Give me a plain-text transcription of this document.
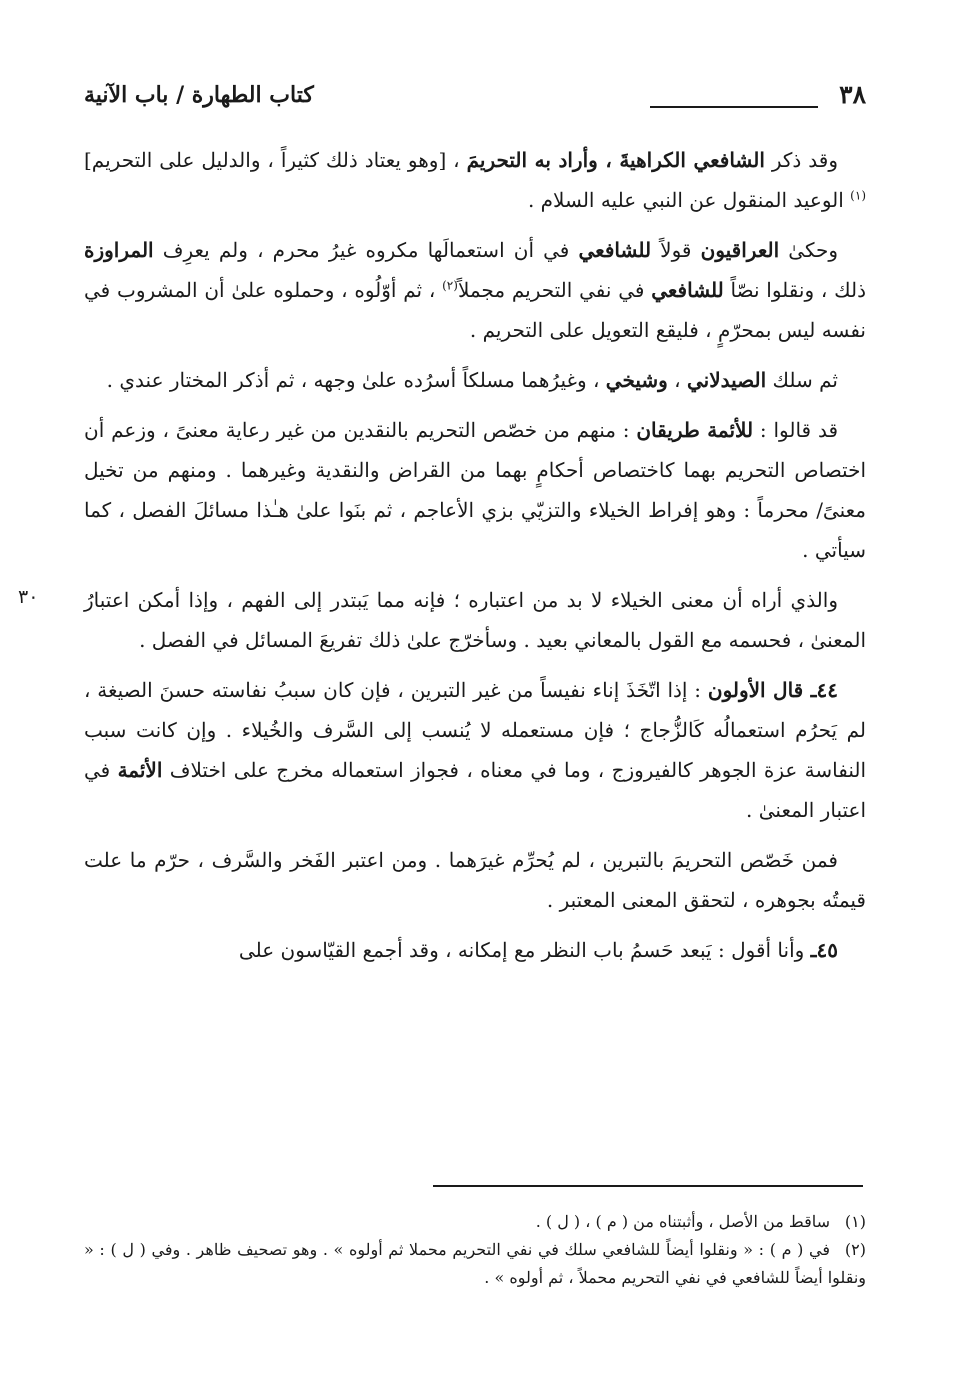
٣٨
كتاب الطهارة / باب الآنية

وقد ذكر الشافعي الكراهيةَ ، وأراد به التحريمَ ، [وهو يعتاد ذلك كثيراً ، والدليل على التحريم]$^{(١)}$ الوعيد المنقول عن النبي عليه السلام .

وحكىٰ العراقيون قولاً للشافعي في أن استعمالَها مكروه غيرُ محرم ، ولم يعرِف المراوزة ذلك ، ونقلوا نصّاً للشافعي في نفي التحريم مجملاً$^{(٢)}$ ، ثم أوّلُوه ، وحملوه علىٰ أن المشروب في نفسه ليس بمحرّمٍ ، فليقع التعويل على التحريم .

ثم سلك الصيدلاني ، وشيخي ، وغيرُهما مسلكاً أسرُده علىٰ وجهه ، ثم أذكر المختار عندي .

قد قالوا : للأئمة طريقان : منهم من خصّص التحريم بالنقدين من غير رعاية معنىً ، وزعم أن اختصاص التحريم بهما كاختصاص أحكامٍ بهما من القراض والنقدية وغيرهما . ومنهم من تخيل معنىً/ محرماً : وهو إفراط الخيلاء والتزيّي بزي الأعاجم ، ثم بنَوا علىٰ هـٰذا مسائلَ الفصل ، كما سيأتي .

والذي أراه أن معنى الخيلاء لا بد من اعتباره ؛ فإنه مما يَبتدر إلى الفهم ، وإذا أمكن اعتبارُ المعنىٰ ، فحسمه مع القول بالمعاني بعيد . وسأخرّج علىٰ ذلك تفريعَ المسائل في الفصل .

٤٤ـ قال الأولون : إذا اتّخَذَ إناء نفيساً من غير التبرين ، فإن كان سببُ نفاسته حسنَ الصيغة ، لم يَحرُم استعمالُه كَالزُّجاج ؛ فإن مستعمله لا يُنسب إلى السَّرف والخُيلاء . وإن كانت سبب النفاسة عزة الجوهر كالفيروزج ، وما في معناه ، فجواز استعماله مخرج على اختلاف الأئمة في اعتبار المعنىٰ .

فمن خَصّص التحريمَ بالتبرين ، لم يُحرِّم غيرَهما . ومن اعتبر الفَخر والسَّرف ، حرّم ما علت قيمتُه بجوهره ، لتحقق المعنى المعتبر .

٤٥ـ وأنا أقول : يَبعد حَسمُ باب النظر مع إمكانه ، وقد أجمع القيّاسون على

٣٠

(١)ساقط من الأصل ، وأثبتناه من ( م ) ، ( ل ) .

(٢)في ( م ) : « ونقلوا أيضاً للشافعي سلك في نفي التحريم محملا ثم أولوه » . وهو تصحيف ظاهر . وفي ( ل ) : « ونقلوا أيضاً للشافعي في نفي التحريم محملاً ، ثم أولوه » .
